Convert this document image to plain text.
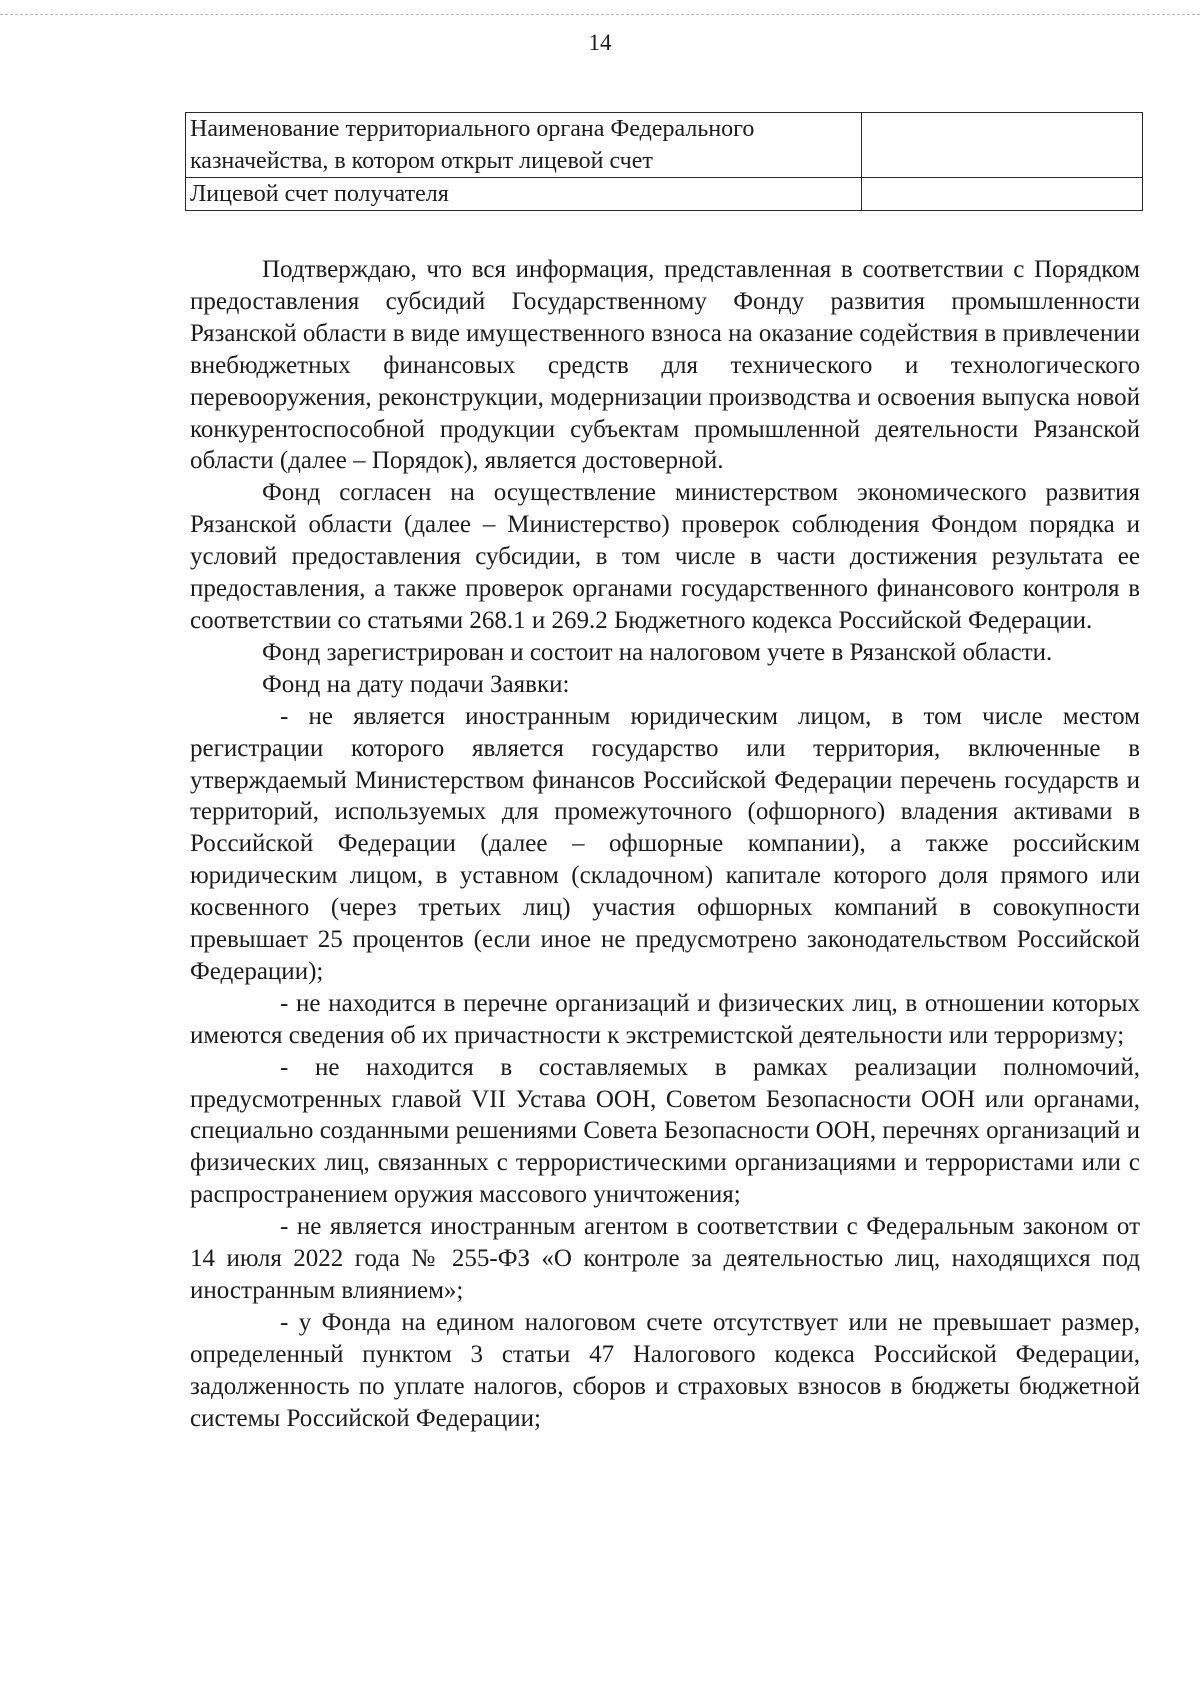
14
Наименование территориального органа Федерального казначейства, в котором открыт лицевой счет	
Лицевой счет получателя	

Подтверждаю, что вся информация, представленная в соответствии с Порядком предоставления субсидий Государственному Фонду развития промышленности Рязанской области в виде имущественного взноса на оказание содействия в привлечении внебюджетных финансовых средств для технического и технологического перевооружения, реконструкции, модернизации производства и освоения выпуска новой конкурентоспособной продукции субъектам промышленной деятельности Рязанской области (далее – Порядок), является достоверной.

Фонд согласен на осуществление министерством экономического развития Рязанской области (далее – Министерство) проверок соблюдения Фондом порядка и условий предоставления субсидии, в том числе в части достижения результата ее предоставления, а также проверок органами государственного финансового контроля в соответствии со статьями 268.1 и 269.2 Бюджетного кодекса Российской Федерации.

Фонд зарегистрирован и состоит на налоговом учете в Рязанской области.

Фонд на дату подачи Заявки:

- не является иностранным юридическим лицом, в том числе местом регистрации которого является государство или территория, включенные в утверждаемый Министерством финансов Российской Федерации перечень государств и территорий, используемых для промежуточного (офшорного) владения активами в Российской Федерации (далее – офшорные компании), а также российским юридическим лицом, в уставном (складочном) капитале которого доля прямого или косвенного (через третьих лиц) участия офшорных компаний в совокупности превышает 25 процентов (если иное не предусмотрено законодательством Российской Федерации);

- не находится в перечне организаций и физических лиц, в отношении которых имеются сведения об их причастности к экстремистской деятельности или терроризму;

- не находится в составляемых в рамках реализации полномочий, предусмотренных главой VII Устава ООН, Советом Безопасности ООН или органами, специально созданными решениями Совета Безопасности ООН, перечнях организаций и физических лиц, связанных с террористическими организациями и террористами или с распространением оружия массового уничтожения;

- не является иностранным агентом в соответствии с Федеральным законом от 14 июля 2022 года № 255-ФЗ «О контроле за деятельностью лиц, находящихся под иностранным влиянием»;

- у Фонда на едином налоговом счете отсутствует или не превышает размер, определенный пунктом 3 статьи 47 Налогового кодекса Российской Федерации, задолженность по уплате налогов, сборов и страховых взносов в бюджеты бюджетной системы Российской Федерации;
